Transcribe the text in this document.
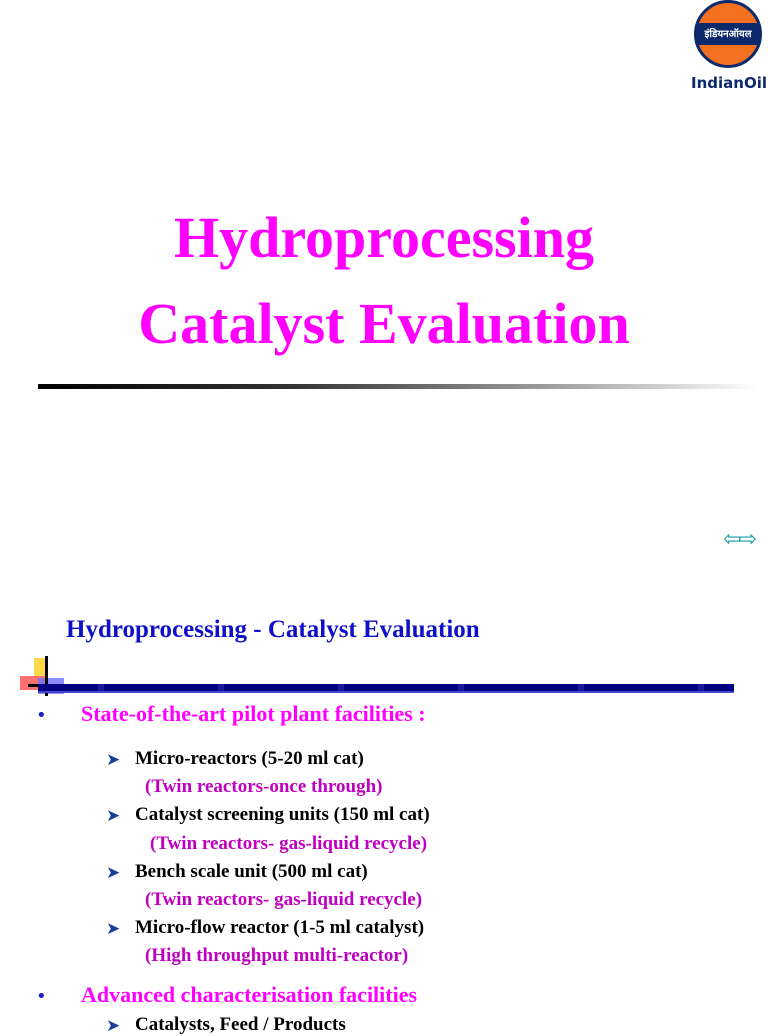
इंडियनऑयल
IndianOil
Hydroprocessing
Catalyst Evaluation
⇦⇨
Hydroprocessing - Catalyst Evaluation
• State-of-the-art pilot plant facilities :
➤ Micro-reactors (5-20 ml cat)
(Twin reactors-once through)
➤ Catalyst screening units (150 ml cat)
(Twin reactors- gas-liquid recycle)
➤ Bench scale unit (500 ml cat)
(Twin reactors- gas-liquid recycle)
➤ Micro-flow reactor (1-5 ml catalyst)
(High throughput multi-reactor)
• Advanced characterisation facilities
➤ Catalysts, Feed / Products
